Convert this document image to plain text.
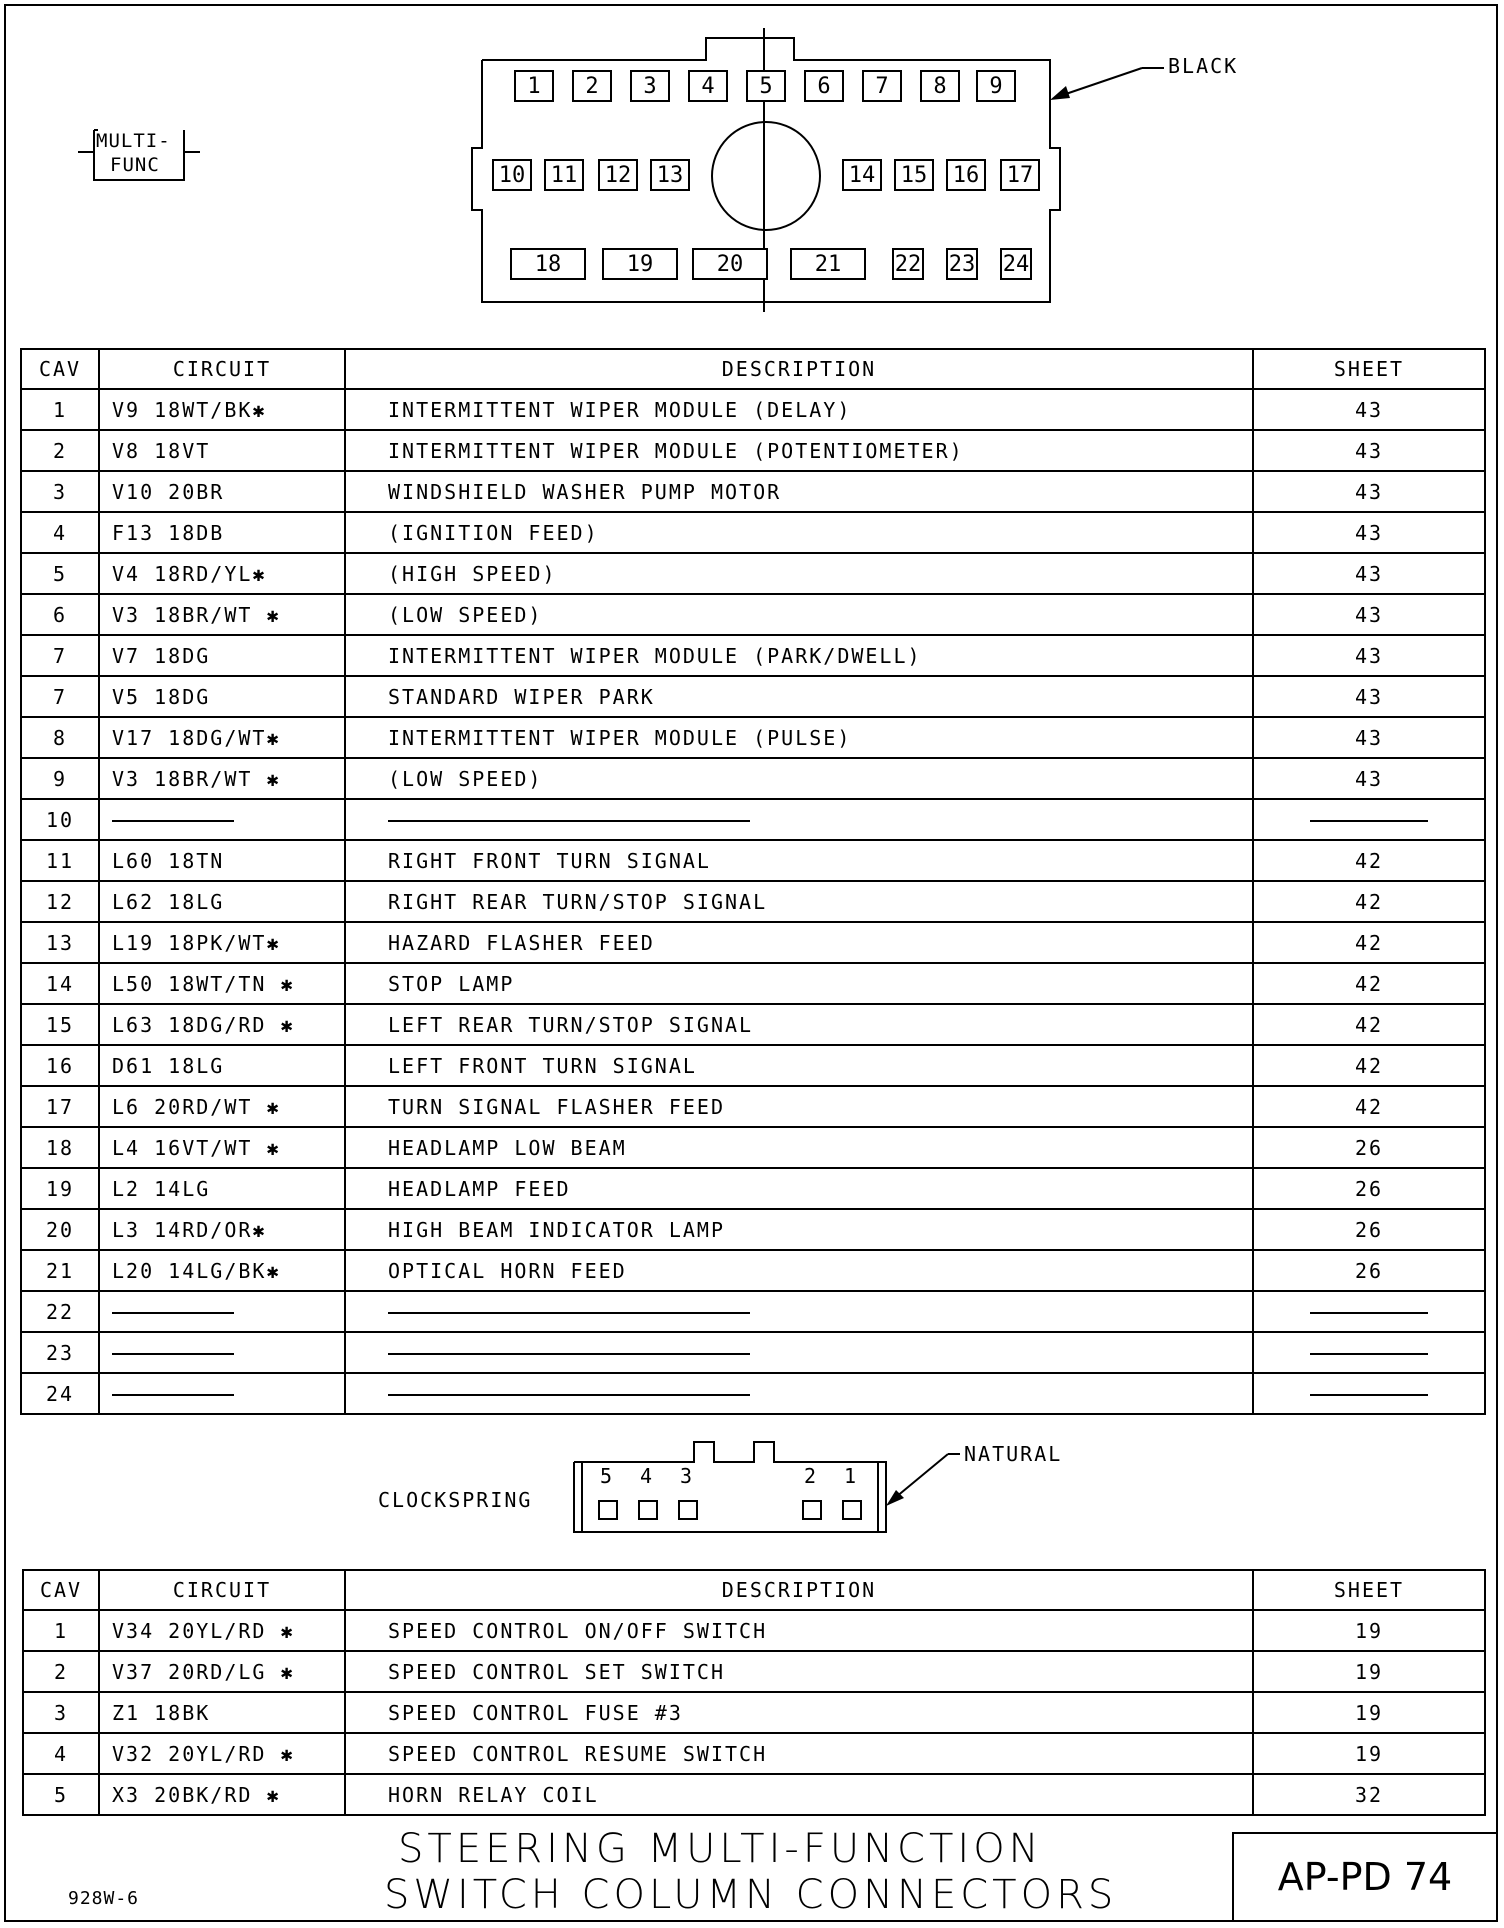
MULTI-
FUNC
BLACK
1	2	3	4	5	6	7	8	9
10	11	12	13	14	15	16	17
18	19	20	21	22 23 24
CAV	CIRCUIT	DESCRIPTION	SHEET
1	V9 18WT/BK✱	INTERMITTENT WIPER MODULE (DELAY)	43
2	V8 18VT	INTERMITTENT WIPER MODULE (POTENTIOMETER)	43
3	V10 20BR	WINDSHIELD WASHER PUMP MOTOR	43
4	F13 18DB	(IGNITION FEED)	43
5	V4 18RD/YL✱	(HIGH SPEED)	43
6	V3 18BR/WT ✱	(LOW SPEED)	43
7	V7 18DG	INTERMITTENT WIPER MODULE (PARK/DWELL)	43
7	V5 18DG	STANDARD WIPER PARK	43
8	V17 18DG/WT✱	INTERMITTENT WIPER MODULE (PULSE)	43
9	V3 18BR/WT ✱	(LOW SPEED)	43
10			
11	L60 18TN	RIGHT FRONT TURN SIGNAL	42
12	L62 18LG	RIGHT REAR TURN/STOP SIGNAL	42
13	L19 18PK/WT✱	HAZARD FLASHER FEED	42
14	L50 18WT/TN ✱	STOP LAMP	42
15	L63 18DG/RD ✱	LEFT REAR TURN/STOP SIGNAL	42
16	D61 18LG	LEFT FRONT TURN SIGNAL	42
17	L6 20RD/WT ✱	TURN SIGNAL FLASHER FEED	42
18	L4 16VT/WT ✱	HEADLAMP LOW BEAM	26
19	L2 14LG	HEADLAMP FEED	26
20	L3 14RD/OR✱	HIGH BEAM INDICATOR LAMP	26
21	L20 14LG/BK✱	OPTICAL HORN FEED	26
22			
23			
24			
CLOCKSPRING
NATURAL
5 4 3	2 1
CAV	CIRCUIT	DESCRIPTION	SHEET
1	V34 20YL/RD ✱	SPEED CONTROL ON/OFF SWITCH	19
2	V37 20RD/LG ✱	SPEED CONTROL SET SWITCH	19
3	Z1 18BK	SPEED CONTROL FUSE #3	19
4	V32 20YL/RD ✱	SPEED CONTROL RESUME SWITCH	19
5	X3 20BK/RD ✱	HORN RELAY COIL	32
928W-6
STEERING MULTI-FUNCTION
SWITCH COLUMN CONNECTORS	AP-PD 74
